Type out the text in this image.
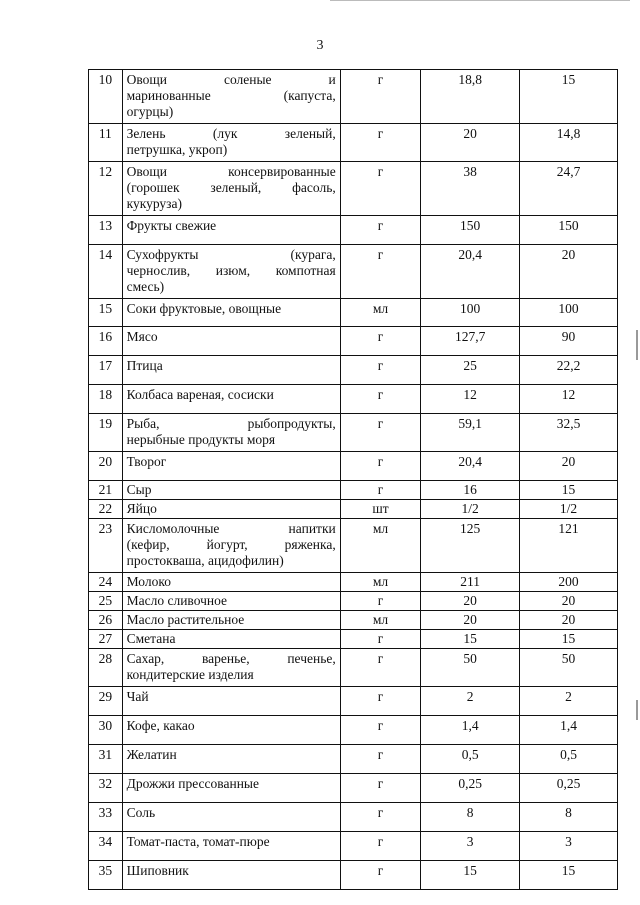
3
10	Овощи соленые и
маринованные (капуста,
огурцы)	г	18,8	15
11	Зелень (лук зеленый,
петрушка, укроп)	г	20	14,8
12	Овощи консервированные
(горошек зеленый, фасоль,
кукуруза)	г	38	24,7
13	Фрукты свежие	г	150	150
14	Сухофрукты (курага,
чернослив, изюм, компотная
смесь)	г	20,4	20
15	Соки фруктовые, овощные	мл	100	100
16	Мясо	г	127,7	90
17	Птица	г	25	22,2
18	Колбаса вареная, сосиски	г	12	12
19	Рыба, рыбопродукты,
нерыбные продукты моря	г	59,1	32,5
20	Творог	г	20,4	20
21	Сыр	г	16	15
22	Яйцо	шт	1/2	1/2
23	Кисломолочные напитки
(кефир, йогурт, ряженка,
простокваша, ацидофилин)	мл	125	121
24	Молоко	мл	211	200
25	Масло сливочное	г	20	20
26	Масло растительное	мл	20	20
27	Сметана	г	15	15
28	Сахар, варенье, печенье,
кондитерские изделия	г	50	50
29	Чай	г	2	2
30	Кофе, какао	г	1,4	1,4
31	Желатин	г	0,5	0,5
32	Дрожжи прессованные	г	0,25	0,25
33	Соль	г	8	8
34	Томат-паста, томат-пюре	г	3	3
35	Шиповник	г	15	15
